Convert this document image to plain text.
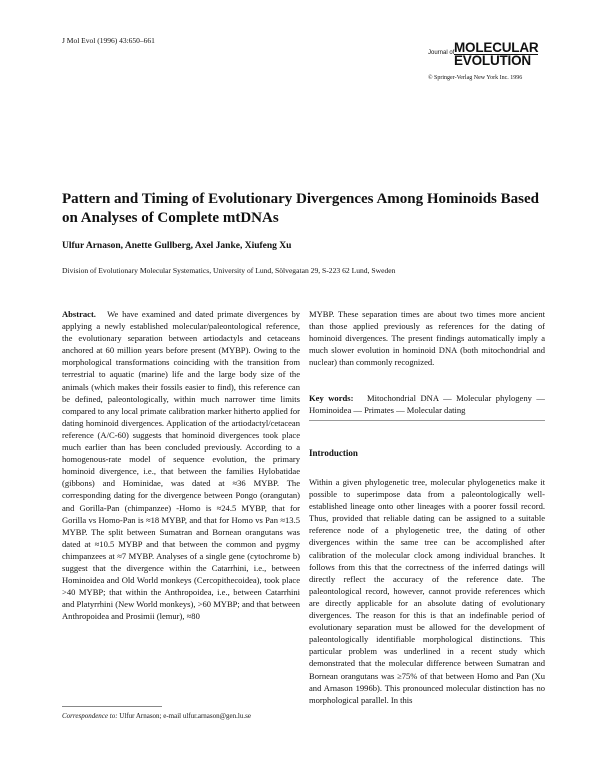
J Mol Evol (1996) 43:650–661
Journal of MOLECULAR
EVOLUTION
© Springer-Verlag New York Inc. 1996
Pattern and Timing of Evolutionary Divergences Among Hominoids Based on Analyses of Complete mtDNAs
Ulfur Arnason, Anette Gullberg, Axel Janke, Xiufeng Xu
Division of Evolutionary Molecular Systematics, University of Lund, Sölvegatan 29, S-223 62 Lund, Sweden

Abstract. We have examined and dated primate divergences by applying a newly established molecular/paleontological reference, the evolutionary separation between artiodactyls and cetaceans anchored at 60 million years before present (MYBP). Owing to the morphological transformations coinciding with the transition from terrestrial to aquatic (marine) life and the large body size of the animals (which makes their fossils easier to find), this reference can be defined, paleontologically, within much narrower time limits compared to any local primate calibration marker hitherto applied for dating hominoid divergences. Application of the artiodactyl/cetacean reference (A/C-60) suggests that hominoid divergences took place much earlier than has been concluded previously. According to a homogenous-rate model of sequence evolution, the primary hominoid divergence, i.e., that between the families Hylobatidae (gibbons) and Hominidae, was dated at ≈36 MYBP. The corresponding dating for the divergence between Pongo (orangutan) and Gorilla-Pan (chimpanzee) -Homo is ≈24.5 MYBP, that for Gorilla vs Homo-Pan is ≈18 MYBP, and that for Homo vs Pan ≈13.5 MYBP. The split between Sumatran and Bornean orangutans was dated at ≈10.5 MYBP and that between the common and pygmy chimpanzees at ≈7 MYBP. Analyses of a single gene (cytochrome b) suggest that the divergence within the Catarrhini, i.e., between Hominoidea and Old World monkeys (Cercopithecoidea), took place >40 MYBP; that within the Anthropoidea, i.e., between Catarrhini and Platyrrhini (New World monkeys), >60 MYBP; and that between Anthropoidea and Prosimii (lemur), ≈80

MYBP. These separation times are about two times more ancient than those applied previously as references for the dating of hominoid divergences. The present findings automatically imply a much slower evolution in hominoid DNA (both mitochondrial and nuclear) than commonly recognized.

Key words: Mitochondrial DNA — Molecular phylogeny — Hominoidea — Primates — Molecular dating
Introduction

Within a given phylogenetic tree, molecular phylogenetics make it possible to superimpose data from a paleontologically well-established lineage onto other lineages with a poorer fossil record. Thus, provided that reliable dating can be assigned to a suitable reference node of a phylogenetic tree, the dating of other divergences within the same tree can be accomplished after calibration of the molecular clock among individual branches. It follows from this that the correctness of the inferred datings will directly reflect the accuracy of the reference date. The paleontological record, however, cannot provide references which are directly applicable for an absolute dating of evolutionary divergences. The reason for this is that an indefinable period of evolutionary separation must be allowed for the development of paleontologically identifiable morphological distinctions. This particular problem was underlined in a recent study which demonstrated that the molecular difference between Sumatran and Bornean orangutans was ≥75% of that between Homo and Pan (Xu and Arnason 1996b). This pronounced molecular distinction has no morphological parallel. In this

Correspondence to: Ulfur Arnason; e-mail ulfur.arnason@gen.lu.se
